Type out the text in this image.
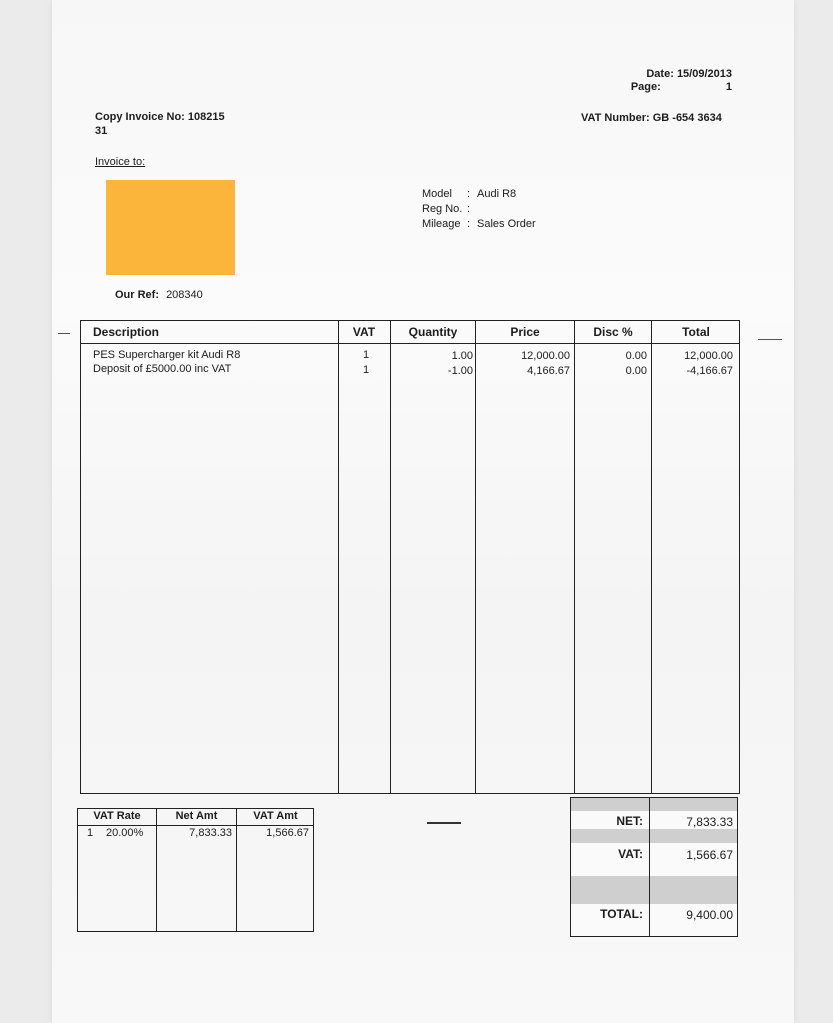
Date: 15/09/2013
Page:	1
Copy Invoice No: 108215
31
VAT Number: GB -654 3634
Invoice to:
Our Ref: 208340
Model	: Audi R8
Reg No. :
Mileage : Sales Order
Description	VAT	Quantity	Price	Disc %	Total
PES Supercharger kit Audi R8	1	1.00	12,000.00	0.00	12,000.00
Deposit of £5000.00 inc VAT	1	-1.00	4,166.67	0.00	-4,166.67
VAT Rate	Net Amt	VAT Amt
1 20.00%	7,833.33	1,566.67
NET:	7,833.33
VAT:	1,566.67
TOTAL:	9,400.00
